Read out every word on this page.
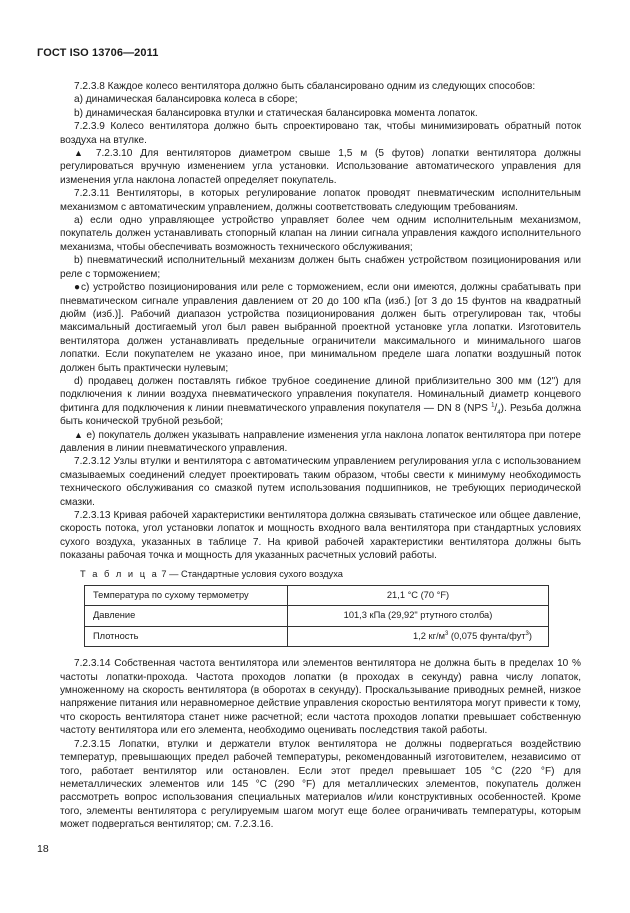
ГОСТ ISO 13706—2011

7.2.3.8 Каждое колесо вентилятора должно быть сбалансировано одним из следующих способов:

a) динамическая балансировка колеса в сборе;

b) динамическая балансировка втулки и статическая балансировка момента лопаток.

7.2.3.9 Колесо вентилятора должно быть спроектировано так, чтобы минимизировать обратный поток воздуха на втулке.

▲ 7.2.3.10 Для вентиляторов диаметром свыше 1,5 м (5 футов) лопатки вентилятора должны регулироваться вручную изменением угла установки. Использование автоматического управления для изменения угла наклона лопастей определяет покупатель.

7.2.3.11 Вентиляторы, в которых регулирование лопаток проводят пневматическим исполнительным механизмом с автоматическим управлением, должны соответствовать следующим требованиям.

a) если одно управляющее устройство управляет более чем одним исполнительным механизмом, покупатель должен устанавливать стопорный клапан на линии сигнала управления каждого исполнительного механизма, чтобы обеспечивать возможность технического обслуживания;

b) пневматический исполнительный механизм должен быть снабжен устройством позиционирования или реле с торможением;

●c) устройство позиционирования или реле с торможением, если они имеются, должны срабатывать при пневматическом сигнале управления давлением от 20 до 100 кПа (изб.) [от 3 до 15 фунтов на квадратный дюйм (изб.)]. Рабочий диапазон устройства позиционирования должен быть отрегулирован так, чтобы максимальный достигаемый угол был равен выбранной проектной установке угла лопатки. Изготовитель вентилятора должен устанавливать предельные ограничители максимального и минимального шагов лопатки. Если покупателем не указано иное, при минимальном пределе шага лопатки воздушный поток должен быть практически нулевым;

d) продавец должен поставлять гибкое трубное соединение длиной приблизительно 300 мм (12") для подключения к линии воздуха пневматического управления покупателя. Номинальный диаметр концевого фитинга для подключения к линии пневматического управления покупателя — DN 8 (NPS $^1/_4$). Резьба должна быть конической трубной резьбой;

▲ e) покупатель должен указывать направление изменения угла наклона лопаток вентилятора при потере давления в линии пневматического управления.

7.2.3.12 Узлы втулки и вентилятора с автоматическим управлением регулирования угла с использованием смазываемых соединений следует проектировать таким образом, чтобы свести к минимуму необходимость технического обслуживания со смазкой путем использования подшипников, не требующих периодической смазки.

7.2.3.13 Кривая рабочей характеристики вентилятора должна связывать статическое или общее давление, скорость потока, угол установки лопаток и мощность входного вала вентилятора при стандартных условиях сухого воздуха, указанных в таблице 7. На кривой рабочей характеристики вентилятора должны быть показаны рабочая точка и мощность для указанных расчетных условий работы.

Т а б л и ц а 7 — Стандартные условия сухого воздуха
Температура по сухому термометру	21,1 °C (70 °F)
Давление	101,3 кПа (29,92" ртутного столба)
Плотность	1,2 $кг/м^3$ (0,075 фунта/фут$^3$)

7.2.3.14 Собственная частота вентилятора или элементов вентилятора не должна быть в пределах 10 % частоты лопатки-прохода. Частота проходов лопатки (в проходах в секунду) равна числу лопаток, умноженному на скорость вентилятора (в оборотах в секунду). Проскальзывание приводных ремней, низкое напряжение питания или неравномерное действие управления скоростью вентилятора могут привести к тому, что скорость вентилятора станет ниже расчетной; если частота проходов лопатки превышает собственную частоту вентилятора или его элемента, необходимо оценивать последствия такой работы.

7.2.3.15 Лопатки, втулки и держатели втулок вентилятора не должны подвергаться воздействию температур, превышающих предел рабочей температуры, рекомендованный изготовителем, независимо от того, работает вентилятор или остановлен. Если этот предел превышает 105 °C (220 °F) для неметаллических элементов или 145 °C (290 °F) для металлических элементов, покупатель должен рассмотреть вопрос использования специальных материалов и/или конструктивных особенностей. Кроме того, элементы вентилятора с регулируемым шагом могут еще более ограничивать температуры, которым может подвергаться вентилятор; см. 7.2.3.16.

18
